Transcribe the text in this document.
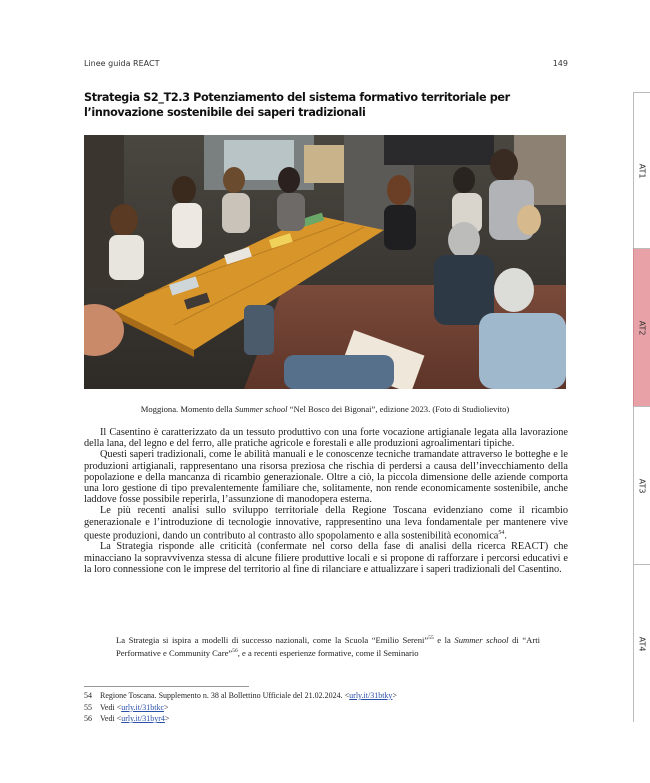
Linee guida REACT	149
Strategia S2_T2.3 Potenziamento del sistema formativo territoriale per l’innovazione sostenibile dei saperi tradizionali
Moggiona. Momento della Summer school “Nel Bosco dei Bigonai”, edizione 2023. (Foto di Studiolievito)

Il Casentino è caratterizzato da un tessuto produttivo con una forte vocazione artigianale legata alla lavorazione della lana, del legno e del ferro, alle pratiche agricole e forestali e alle produzioni agroalimentari tipiche.

Questi saperi tradizionali, come le abilità manuali e le conoscenze tecniche tramandate attraverso le botteghe e le produzioni artigianali, rappresentano una risorsa preziosa che rischia di perdersi a causa dell’invecchiamento della popolazione e della mancanza di ricambio generazionale. Oltre a ciò, la piccola dimensione delle aziende comporta una loro gestione di tipo prevalentemente familiare che, solitamente, non rende economicamente sostenibile, anche laddove fosse possibile reperirla, l’assunzione di manodopera esterna.

Le più recenti analisi sullo sviluppo territoriale della Regione Toscana evidenziano come il ricambio generazionale e l’introduzione di tecnologie innovative, rappresentino una leva fondamentale per mantenere vive queste produzioni, dando un contributo al contrasto allo spopolamento e alla sostenibilità economica$^{54}$.

La Strategia risponde alle criticità (confermate nel corso della fase di analisi della ricerca REACT) che minacciano la sopravvivenza stessa di alcune filiere produttive locali e si propone di rafforzare i percorsi educativi e la loro connessione con le imprese del territorio al fine di rilanciare e attualizzare i saperi tradizionali del Casentino.

La Strategia si ispira a modelli di successo nazionali, come la Scuola “Emilio Sereni”$^{55}$ e la Summer school di “Arti Performative e Community Care”$^{56}$, e a recenti esperienze formative, come il Seminario

54 Regione Toscana. Supplemento n. 38 al Bollettino Ufficiale del 21.02.2024. <urly.it/31btky>
55 Vedi <urly.it/31btkc>
56 Vedi <urly.it/31byr4>
AT1
AT2
AT3
AT4
